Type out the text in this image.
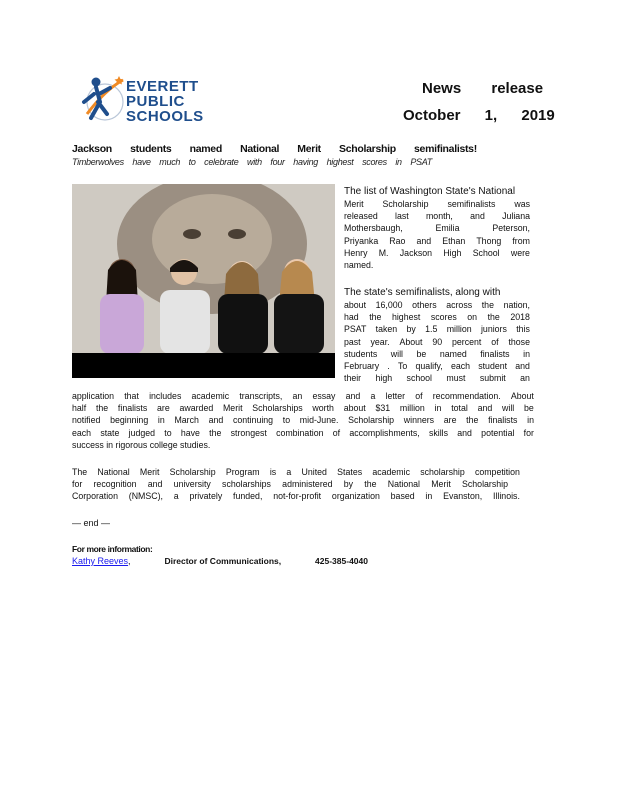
EVERETT
PUBLIC
SCHOOLS
News release
October 1, 2019
Jackson students named National Merit Scholarship semifinalists!
Timberwolves have much to celebrate with four having highest scores in PSAT
The list of Washington State's National
Merit Scholarship semifinalists was
released last month, and Juliana
Mothersbaugh,	Emilia	Peterson,
Priyanka Rao and Ethan Thong from
Henry M. Jackson High School were
named.
The state's semifinalists, along with
about 16,000 others across the nation,
had the highest scores on the 2018
PSAT taken by 1.5 million juniors this
past year. About 90 percent of those
students will be named finalists in
February . To qualify, each student and
their high school must submit an
application that includes academic transcripts, an essay and a letter of recommendation. About
half the finalists are awarded Merit Scholarships worth about $31 million in total and will be
notified beginning in March and continuing to mid-June. Scholarship winners are the finalists in
each state judged to have the strongest combination of accomplishments, skills and potential for
success in rigorous college studies.
The National Merit Scholarship Program is a United States academic scholarship competition
for recognition and university scholarships administered by the National Merit Scholarship
Corporation (NMSC), a privately funded, not-for-profit organization based in Evanston, Illinois.
— end —
For more information:
Kathy Reeves,	Director of Communications,	425-385-4040
